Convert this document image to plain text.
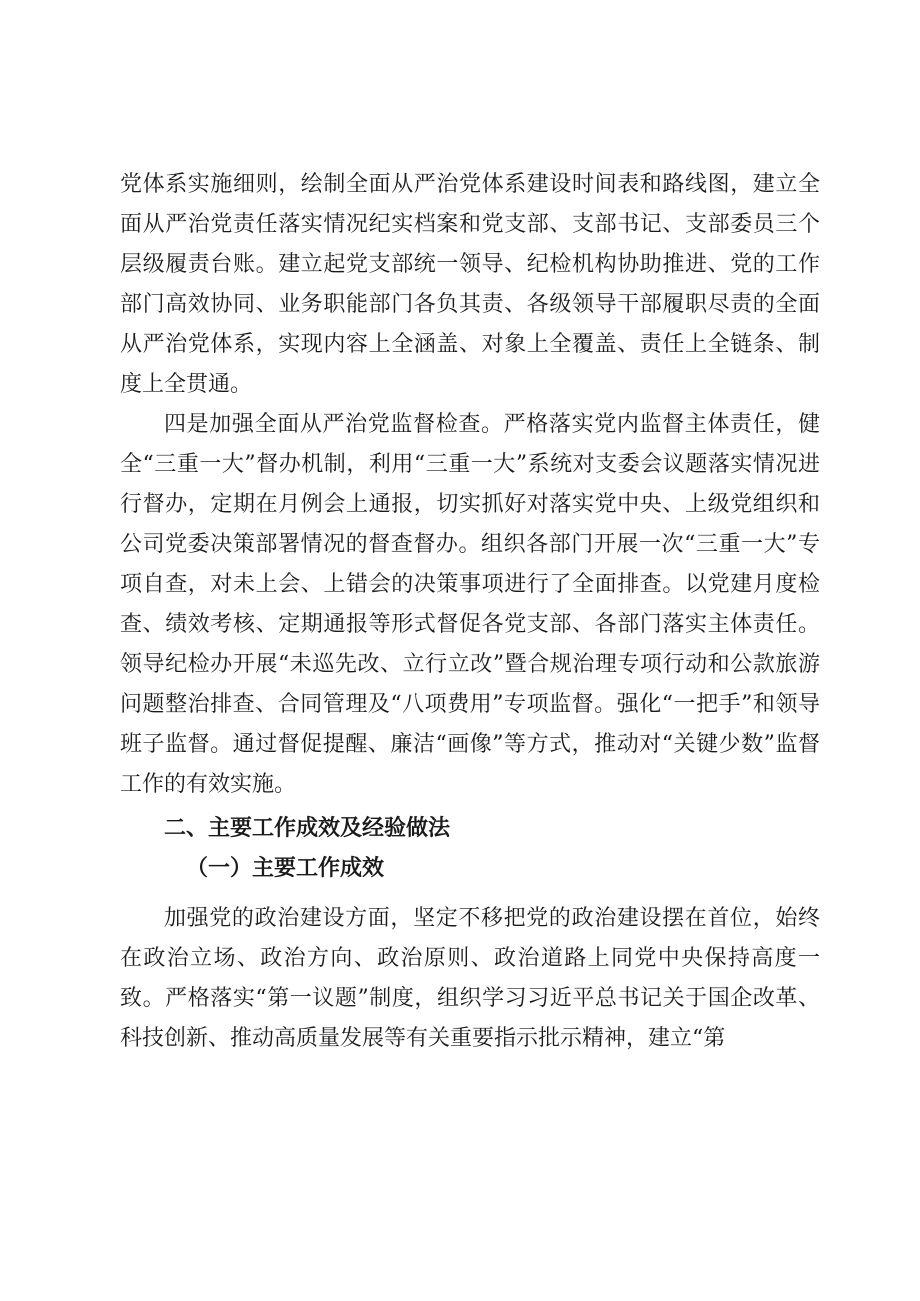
党体系实施细则，绘制全面从严治党体系建设时间表和路线图，建立全面从严治党责任落实情况纪实档案和党支部、支部书记、支部委员三个层级履责台账。建立起党支部统一领导、纪检机构协助推进、党的工作部门高效协同、业务职能部门各负其责、各级领导干部履职尽责的全面从严治党体系，实现内容上全涵盖、对象上全覆盖、责任上全链条、制度上全贯通。

四是加强全面从严治党监督检查。严格落实党内监督主体责任，健全“三重一大”督办机制，利用“三重一大”系统对支委会议题落实情况进行督办，定期在月例会上通报，切实抓好对落实党中央、上级党组织和公司党委决策部署情况的督查督办。组织各部门开展一次“三重一大”专项自查，对未上会、上错会的决策事项进行了全面排查。以党建月度检查、绩效考核、定期通报等形式督促各党支部、各部门落实主体责任。领导纪检办开展“未巡先改、立行立改”暨合规治理专项行动和公款旅游问题整治排查、合同管理及“八项费用”专项监督。强化“一把手”和领导班子监督。通过督促提醒、廉洁“画像”等方式，推动对“关键少数”监督工作的有效实施。

二、主要工作成效及经验做法

（一）主要工作成效

加强党的政治建设方面，坚定不移把党的政治建设摆在首位，始终在政治立场、政治方向、政治原则、政治道路上同党中央保持高度一致。严格落实“第一议题”制度，组织学习习近平总书记关于国企改革、科技创新、推动高质量发展等有关重要指示批示精神，建立“第
